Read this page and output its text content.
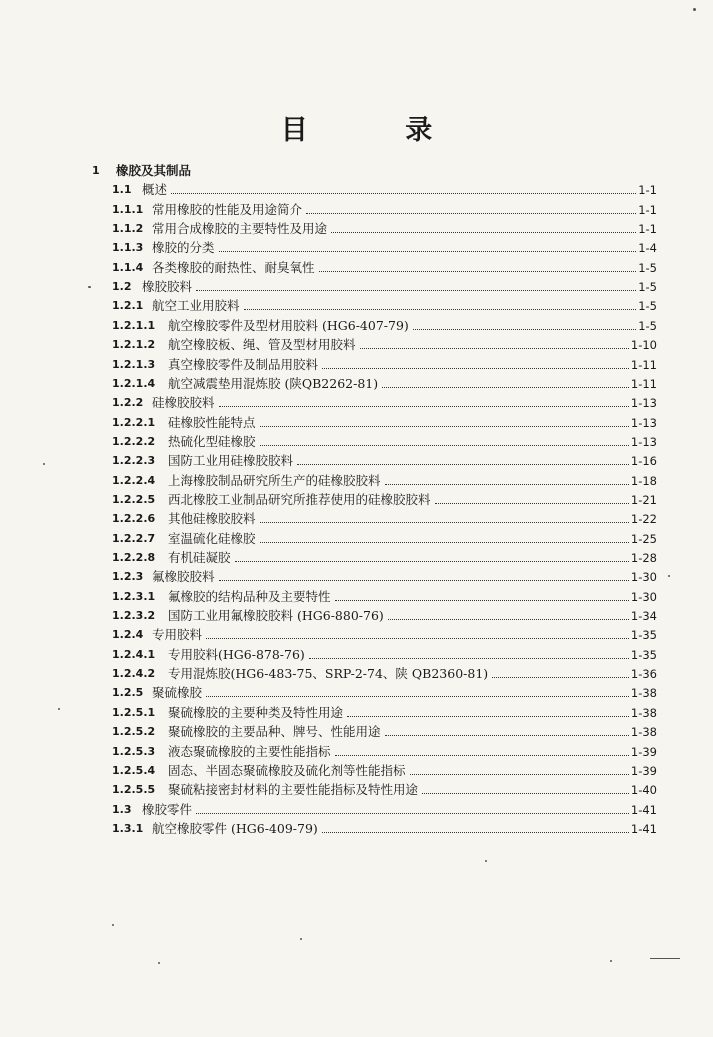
目 录
1	橡胶及其制品
1.1 概述	1-1
1.1.1 常用橡胶的性能及用途简介	1-1
1.1.2 常用合成橡胶的主要特性及用途	1-1
1.1.3 橡胶的分类	1-4
1.1.4 各类橡胶的耐热性、耐臭氧性	1-5
1.2 橡胶胶料	1-5
1.2.1 航空工业用胶料	1-5
1.2.1.1	航空橡胶零件及型材用胶料 (HG6-407-79)	1-5
1.2.1.2	航空橡胶板、绳、管及型材用胶料	1-10
1.2.1.3	真空橡胶零件及制品用胶料	1-11
1.2.1.4	航空减震垫用混炼胶 (陕QB2262-81)	1-11
1.2.2 硅橡胶胶料	1-13
1.2.2.1	硅橡胶性能特点	1-13
1.2.2.2	热硫化型硅橡胶	1-13
1.2.2.3	国防工业用硅橡胶胶料	1-16
1.2.2.4	上海橡胶制品研究所生产的硅橡胶胶料	1-18
1.2.2.5	西北橡胶工业制品研究所推荐使用的硅橡胶胶料	1-21
1.2.2.6	其他硅橡胶胶料	1-22
1.2.2.7	室温硫化硅橡胶	1-25
1.2.2.8	有机硅凝胶	1-28
1.2.3 氟橡胶胶料	1-30
1.2.3.1	氟橡胶的结构品种及主要特性	1-30
1.2.3.2	国防工业用氟橡胶胶料 (HG6-880-76)	1-34
1.2.4 专用胶料	1-35
1.2.4.1	专用胶料(HG6-878-76)	1-35
1.2.4.2	专用混炼胶(HG6-483-75、SRP-2-74、陕 QB2360-81)	1-36
1.2.5 聚硫橡胶	1-38
1.2.5.1	聚硫橡胶的主要种类及特性用途	1-38
1.2.5.2	聚硫橡胶的主要品种、牌号、性能用途	1-38
1.2.5.3	液态聚硫橡胶的主要性能指标	1-39
1.2.5.4	固态、半固态聚硫橡胶及硫化剂等性能指标	1-39
1.2.5.5	聚硫粘接密封材料的主要性能指标及特性用途	1-40
1.3 橡胶零件	1-41
1.3.1 航空橡胶零件 (HG6-409-79)	1-41
